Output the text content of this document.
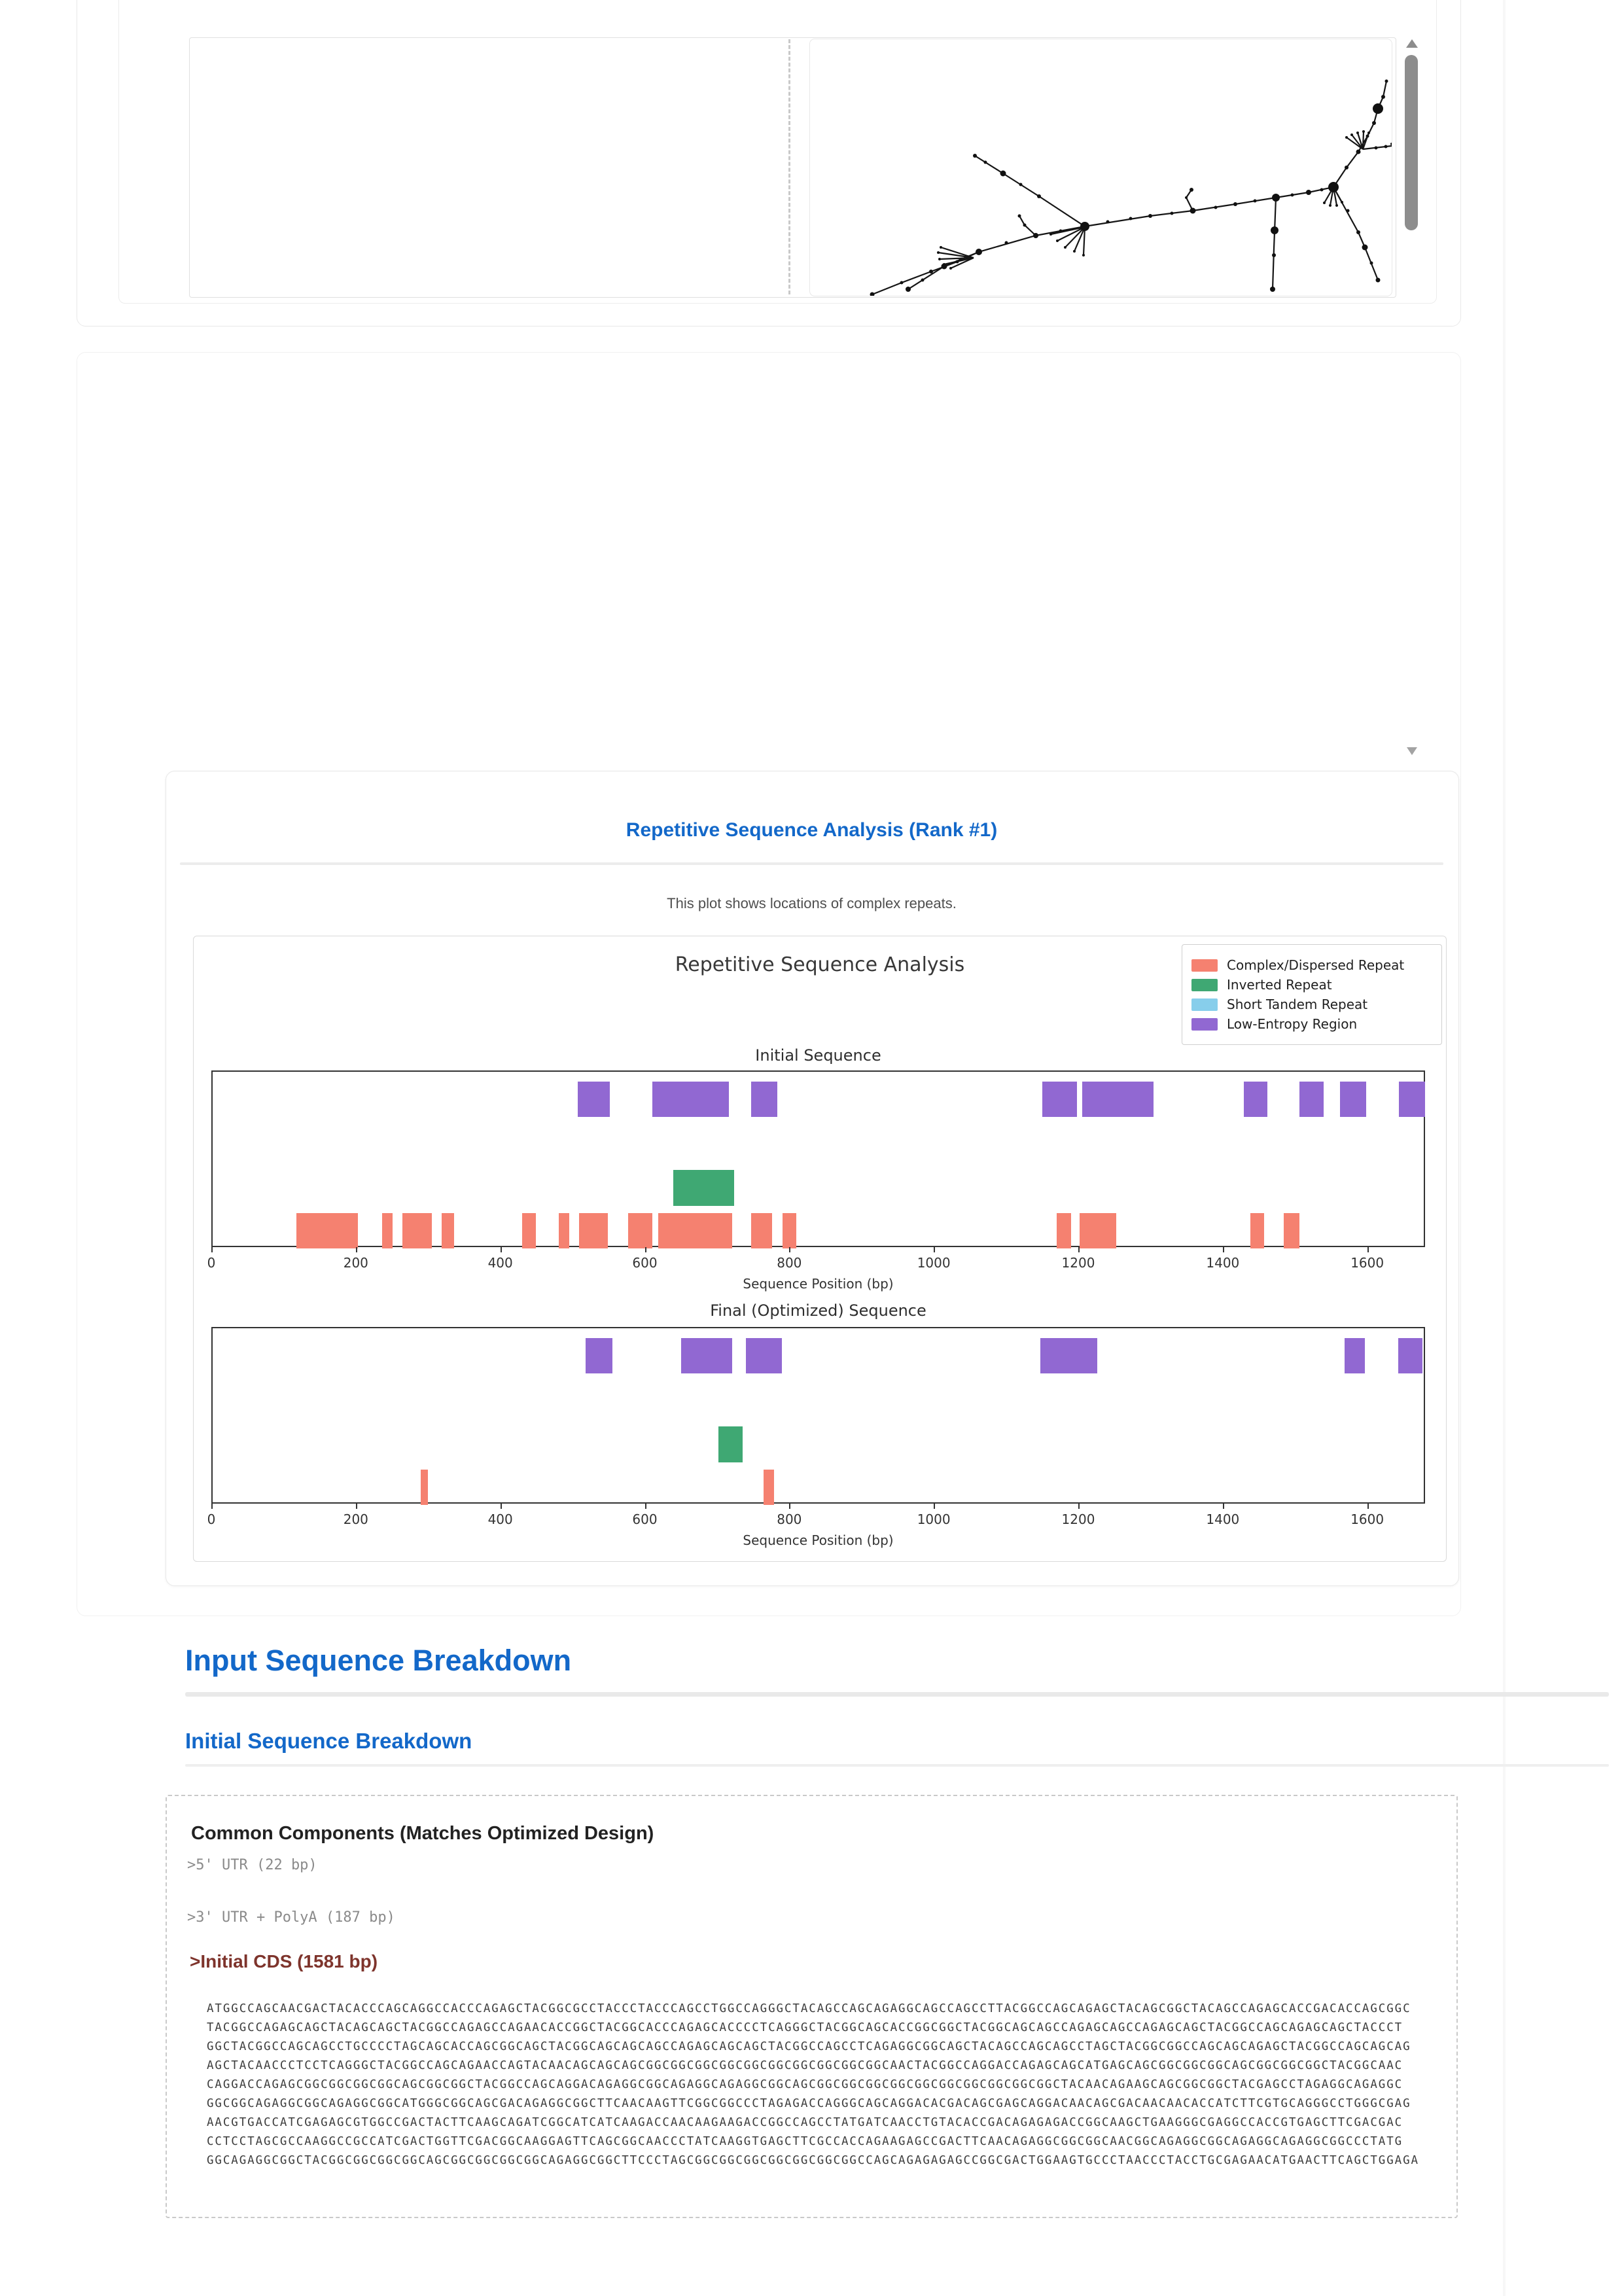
Repetitive Sequence Analysis (Rank #1)
This plot shows locations of complex repeats.
Repetitive Sequence Analysis	Complex/Dispersed Repeat
Inverted Repeat
Short Tandem Repeat
Low-Entropy Region
Initial Sequence
Sequence Position (bp)
0	200	400	600	800	1000	1200	1400	1600
Final (Optimized) Sequence
Sequence Position (bp)
0	200	400	600	800	1000	1200	1400	1600
Input Sequence Breakdown
Initial Sequence Breakdown
Common Components (Matches Optimized Design)
>5' UTR (22 bp)
>3' UTR + PolyA (187 bp)
>Initial CDS (1581 bp)
ATGGCCAGCAACGACTACACCCAGCAGGCCACCCAGAGCTACGGCGCCTACCCTACCCAGCCTGGCCAGGGCTACAGCCAGCAGAGGCAGCCAGCCTTACGGCCAGCAGAGCTACAGCGGCTACAGCCAGAGCACCGACACCAGCGGC
TACGGCCAGAGCAGCTACAGCAGCTACGGCCAGAGCCAGAACACCGGCTACGGCACCCAGAGCACCCCTCAGGGCTACGGCAGCACCGGCGGCTACGGCAGCAGCCAGAGCAGCCAGAGCAGCTACGGCCAGCAGAGCAGCTACCCT
GGCTACGGCCAGCAGCCTGCCCCTAGCAGCACCAGCGGCAGCTACGGCAGCAGCAGCCAGAGCAGCAGCTACGGCCAGCCTCAGAGGCGGCAGCTACAGCCAGCAGCCTAGCTACGGCGGCCAGCAGCAGAGCTACGGCCAGCAGCAG
AGCTACAACCCTCCTCAGGGCTACGGCCAGCAGAACCAGTACAACAGCAGCAGCGGCGGCGGCGGCGGCGGCGGCGGCGGCGGCAACTACGGCCAGGACCAGAGCAGCATGAGCAGCGGCGGCGGCAGCGGCGGCGGCTACGGCAAC
CAGGACCAGAGCGGCGGCGGCGGCAGCGGCGGCTACGGCCAGCAGGACAGAGGCGGCAGAGGCAGAGGCGGCAGCGGCGGCGGCGGCGGCGGCGGCGGCGGCGGCTACAACAGAAGCAGCGGCGGCTACGAGCCTAGAGGCAGAGGC
GGCGGCAGAGGCGGCAGAGGCGGCATGGGCGGCAGCGACAGAGGCGGCTTCAACAAGTTCGGCGGCCCTAGAGACCAGGGCAGCAGGACACGACAGCGAGCAGGACAACAGCGACAACAACACCATCTTCGTGCAGGGCCTGGGCGAG
AACGTGACCATCGAGAGCGTGGCCGACTACTTCAAGCAGATCGGCATCATCAAGACCAACAAGAAGACCGGCCAGCCTATGATCAACCTGTACACCGACAGAGAGACCGGCAAGCTGAAGGGCGAGGCCACCGTGAGCTTCGACGAC
CCTCCTAGCGCCAAGGCCGCCATCGACTGGTTCGACGGCAAGGAGTTCAGCGGCAACCCTATCAAGGTGAGCTTCGCCACCAGAAGAGCCGACTTCAACAGAGGCGGCGGCAACGGCAGAGGCGGCAGAGGCAGAGGCGGCCCTATG
GGCAGAGGCGGCTACGGCGGCGGCGGCAGCGGCGGCGGCGGCAGAGGCGGCTTCCCTAGCGGCGGCGGCGGCGGCGGCGGCCAGCAGAGAGAGCCGGCGACTGGAAGTGCCCTAACCCTACCTGCGAGAACATGAACTTCAGCTGGAGA
